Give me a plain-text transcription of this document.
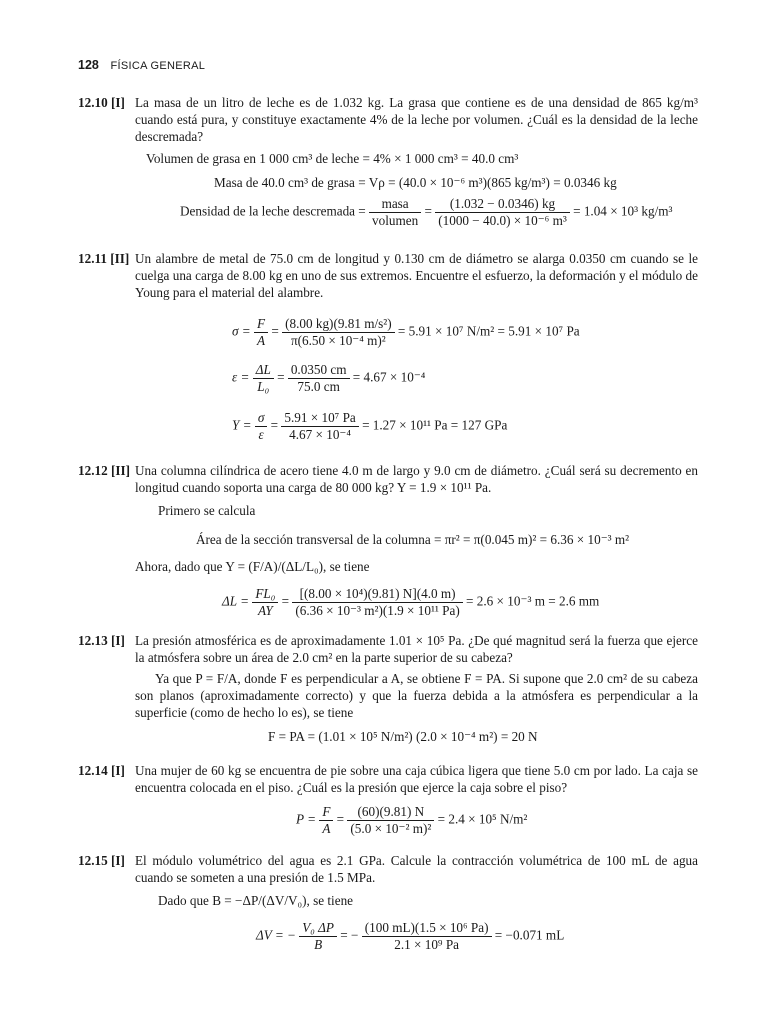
128 FÍSICA GENERAL
12.10 [I] La masa de un litro de leche es de 1.032 kg. La grasa que contiene es de una densidad de 865 kg/m³ cuando está pura, y constituye exactamente 4% de la leche por volumen. ¿Cuál es la densidad de la leche descremada?
Volumen de grasa en 1 000 cm³ de leche = 4% × 1 000 cm³ = 40.0 cm³
Masa de 40.0 cm³ de grasa = Vρ = (40.0 × 10⁻⁶ m³)(865 kg/m³) = 0.0346 kg
Densidad de la leche descremada = $\frac{\text{masa}}{\text{volumen}} = \frac{(1.032 - 0.0346) kg}{\text{(1000 − 40.0) × 10⁻⁶ m³}} = 1.04 \times 10^3$ kg/m³
12.11 [II] Un alambre de metal de 75.0 cm de longitud y 0.130 cm de diámetro se alarga 0.0350 cm cuando se le cuelga una carga de 8.00 kg en uno de sus extremos. Encuentre el esfuerzo, la deformación y el módulo de Young para el material del alambre.
$\sigma = \frac{F}{A} = \frac{\text{(8.00 kg)(9.81 m/s²)}}{\text{π(6.50 × 10⁻⁴ m)²}} = 5.91 \times 10^7$ N/m² = 5.91 × 10⁷ Pa
$\varepsilon = \frac{\Delta L}{\text{L₀}} = \frac{0.0350 cm}{75.0 cm} = 4.67 \times 10^{-4}$
$Y = \frac{\sigma}{\varepsilon} = \frac{\text{5.91 × 10⁷ Pa}}{\text{4.67 × 10⁻⁴}} = 1.27 \times 10^{11}$ Pa = 127 GPa
12.12 [II] Una columna cilíndrica de acero tiene 4.0 m de largo y 9.0 cm de diámetro. ¿Cuál será su decremento en longitud cuando soporta una carga de 80 000 kg? Y = 1.9 × 10¹¹ Pa.
Primero se calcula
Área de la sección transversal de la columna = πr² = π(0.045 m)² = 6.36 × 10⁻³ m²
Ahora, dado que Y = (F/A)/(ΔL/L₀), se tiene
$\Delta L = \frac{\text{FL₀}}{AY} = \frac{\text{[(8.00 × 10⁴)(9.81) N](4.0 m)}}{\text{(6.36 × 10⁻³ m²)(1.9 × 10¹¹ Pa)}} = 2.6 \times 10^{-3}$ m = 2.6 mm
12.13 [I] La presión atmosférica es de aproximadamente 1.01 × 10⁵ Pa. ¿De qué magnitud será la fuerza que ejerce la atmósfera sobre un área de 2.0 cm² en la parte superior de su cabeza?
Ya que P = F/A, donde F es perpendicular a A, se obtiene F = PA. Si supone que 2.0 cm² de su cabeza son planos (aproximadamente correcto) y que la fuerza debida a la atmósfera es perpendicular a la superficie (como de hecho lo es), se tiene
F = PA = (1.01 × 10⁵ N/m²) (2.0 × 10⁻⁴ m²) = 20 N
12.14 [I] Una mujer de 60 kg se encuentra de pie sobre una caja cúbica ligera que tiene 5.0 cm por lado. La caja se encuentra colocada en el piso. ¿Cuál es la presión que ejerce la caja sobre el piso?
$P = \frac{F}{A} = \frac{(60)(9.81) N}{\text{(5.0 × 10⁻² m)²}} = 2.4 \times 10^5$ N/m²
12.15 [I] El módulo volumétrico del agua es 2.1 GPa. Calcule la contracción volumétrica de 100 mL de agua cuando se someten a una presión de 1.5 MPa.
Dado que B = −ΔP/(ΔV/V₀), se tiene
ΔV = − $\frac{\text{V₀ ΔP}}{B}$ = − $\frac{\text{(100 mL)(1.5 × 10⁶ Pa)}}{\text{2.1 × 10⁹ Pa}} = -0.071$ mL
